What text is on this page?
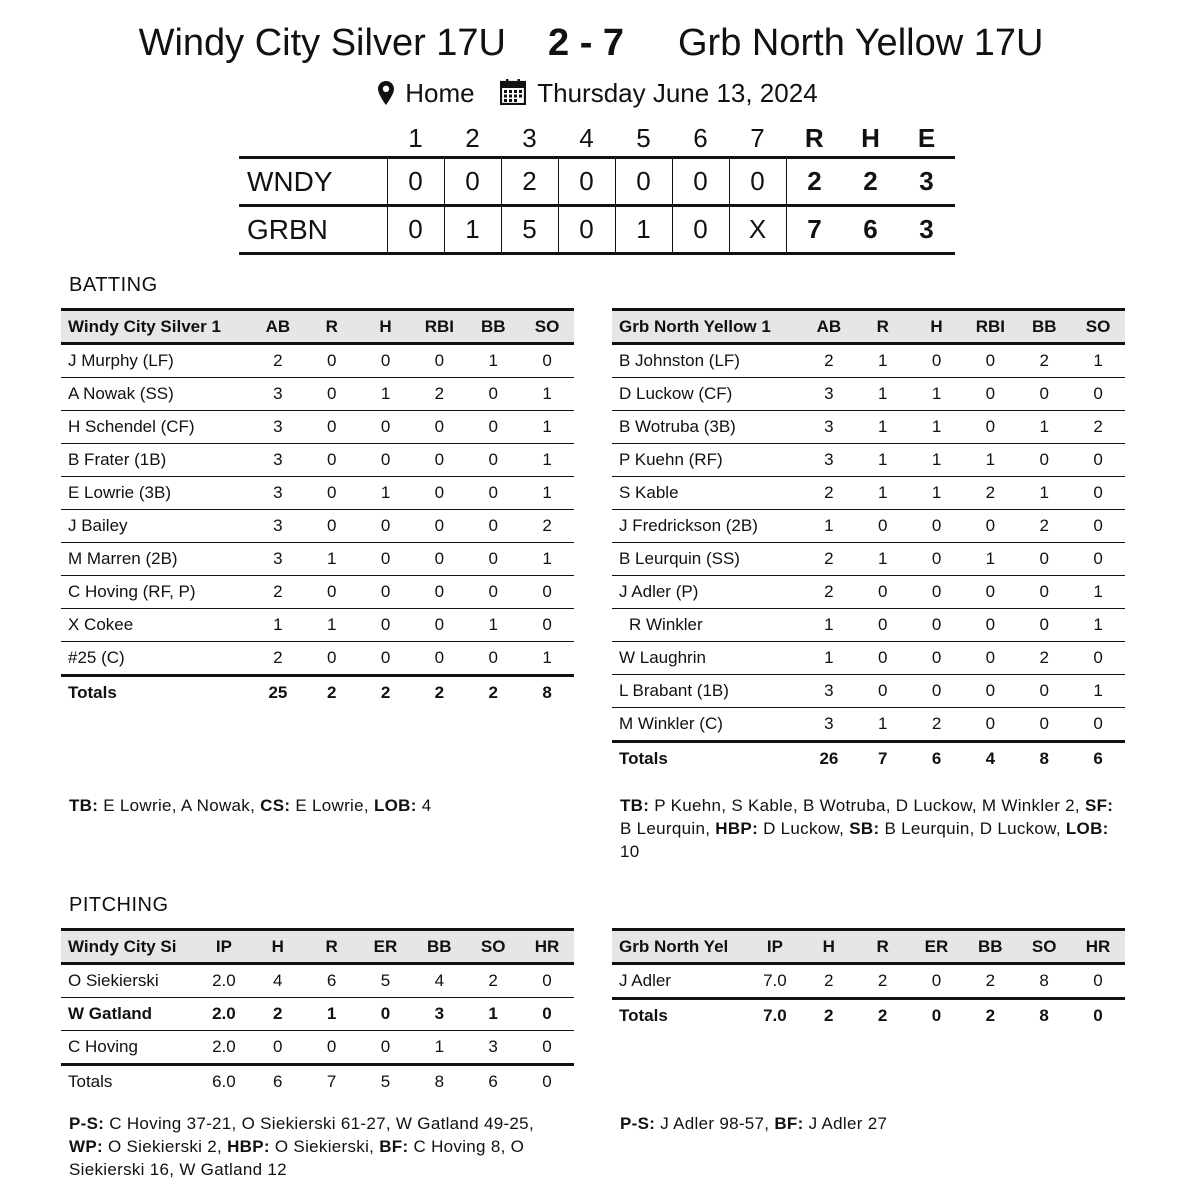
Windy City Silver 17U 2 - 7 Grb North Yellow 17U
Home	Thursday June 13, 2024
	1	2	3	4	5	6	7	R	H	E
WNDY	0	0	2	0	0	0	0	2	2	3
GRBN	0	1	5	0	1	0	X	7	6	3
BATTING
Windy City Silver 1	AB	R	H	RBI	BB	SO
J Murphy (LF)	2	0	0	0	1	0
A Nowak (SS)	3	0	1	2	0	1
H Schendel (CF)	3	0	0	0	0	1
B Frater (1B)	3	0	0	0	0	1
E Lowrie (3B)	3	0	1	0	0	1
J Bailey	3	0	0	0	0	2
M Marren (2B)	3	1	0	0	0	1
C Hoving (RF, P)	2	0	0	0	0	0
X Cokee	1	1	0	0	1	0
#25 (C)	2	0	0	0	0	1
Totals	25	2	2	2	2	8
Grb North Yellow 1	AB	R	H	RBI	BB	SO
B Johnston (LF)	2	1	0	0	2	1
D Luckow (CF)	3	1	1	0	0	0
B Wotruba (3B)	3	1	1	0	1	2
P Kuehn (RF)	3	1	1	1	0	0
S Kable	2	1	1	2	1	0
J Fredrickson (2B)	1	0	0	0	2	0
B Leurquin (SS)	2	1	0	1	0	0
J Adler (P)	2	0	0	0	0	1
R Winkler	1	0	0	0	0	1
W Laughrin	1	0	0	0	2	0
L Brabant (1B)	3	0	0	0	0	1
M Winkler (C)	3	1	2	0	0	0
Totals	26	7	6	4	8	6
TB: E Lowrie, A Nowak, CS: E Lowrie, LOB: 4	TB: P Kuehn, S Kable, B Wotruba, D Luckow, M Winkler 2, SF: B Leurquin, HBP: D Luckow, SB: B Leurquin, D Luckow, LOB: 10
PITCHING
Windy City Si	IP	H	R	ER	BB	SO	HR
O Siekierski	2.0	4	6	5	4	2	0
W Gatland	2.0	2	1	0	3	1	0
C Hoving	2.0	0	0	0	1	3	0
Totals	6.0	6	7	5	8	6	0
Grb North Yel	IP	H	R	ER	BB	SO	HR
J Adler	7.0	2	2	0	2	8	0
Totals	7.0	2	2	0	2	8	0
P-S: C Hoving 37-21, O Siekierski 61-27, W Gatland 49-25, WP: O Siekierski 2, HBP: O Siekierski, BF: C Hoving 8, O Siekierski 16, W Gatland 12
P-S: J Adler 98-57, BF: J Adler 27
